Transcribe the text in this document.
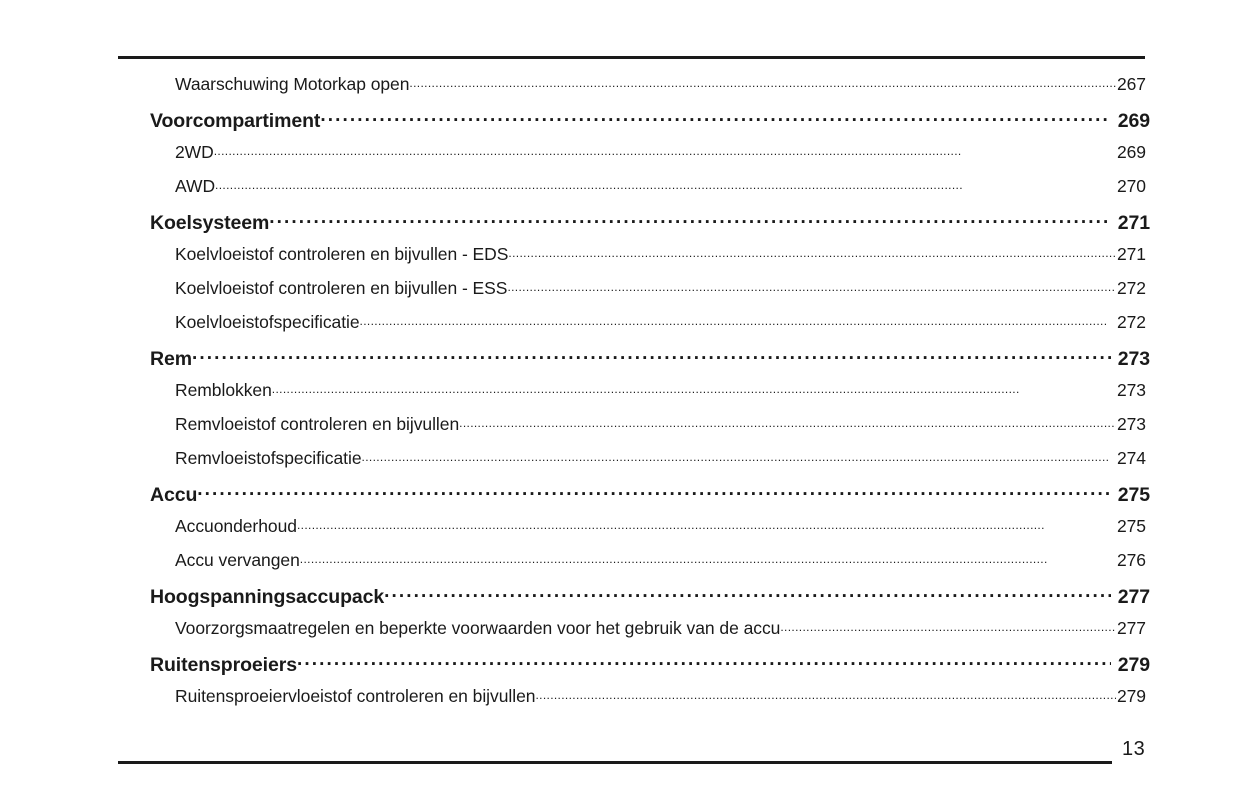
Waarschuwing Motorkap open .....	267
Voorcompartiment .....	269
2WD .....	269
AWD .....	270
Koelsysteem .....	271
Koelvloeistof controleren en bijvullen - EDS .....	271
Koelvloeistof controleren en bijvullen - ESS .....	272
Koelvloeistofspecificatie .....	272
Rem .....	273
Remblokken .....	273
Remvloeistof controleren en bijvullen .....	273
Remvloeistofspecificatie .....	274
Accu .....	275
Accuonderhoud .....	275
Accu vervangen .....	276
Hoogspanningsaccupack .....	277
Voorzorgsmaatregelen en beperkte voorwaarden voor het gebruik van de accu .....	277
Ruitensproeiers .....	279
Ruitensproeiervloeistof controleren en bijvullen .....	279
13
